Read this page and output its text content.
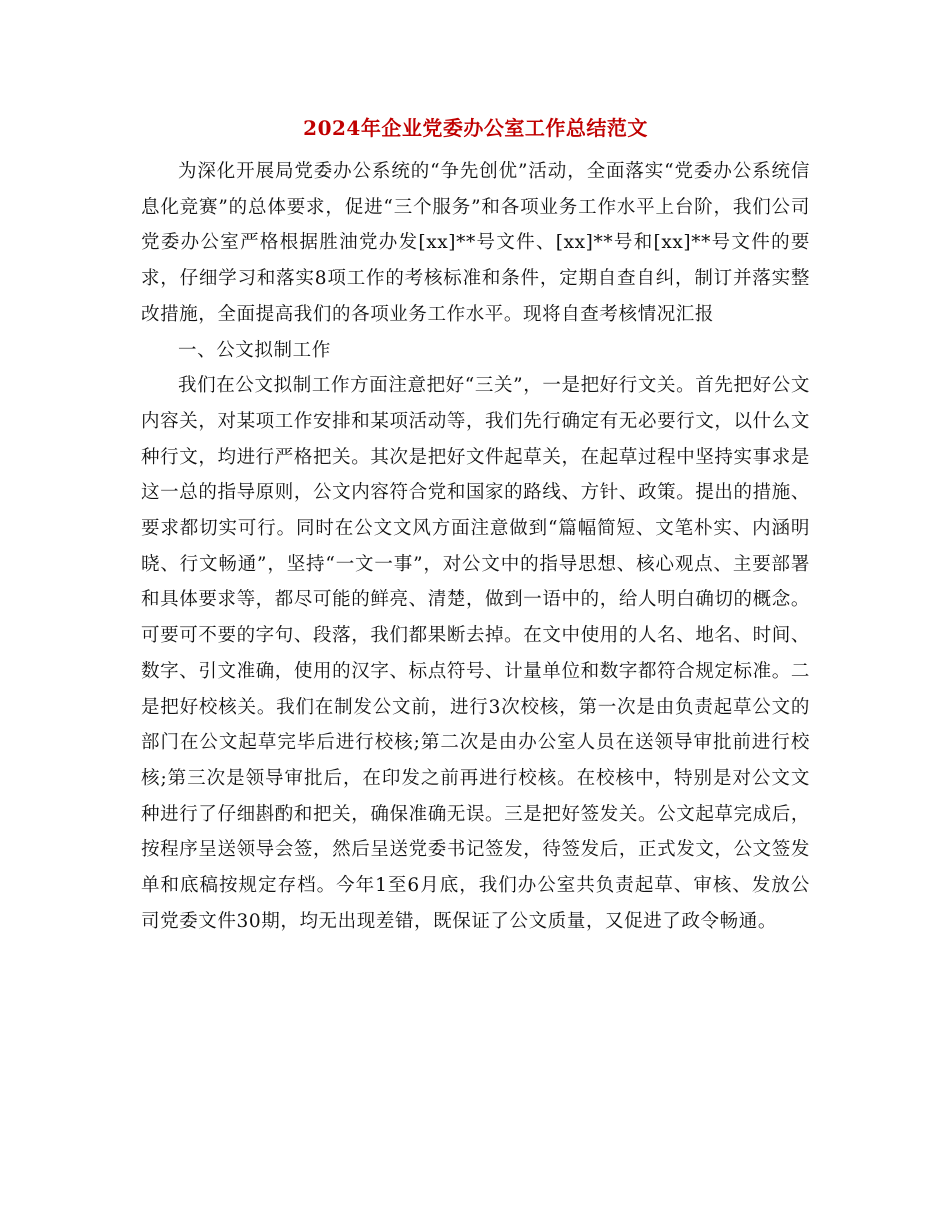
2024年企业党委办公室工作总结范文

为深化开展局党委办公系统的“争先创优”活动，全面落实“党委办公系统信息化竞赛”的总体要求，促进“三个服务”和各项业务工作水平上台阶，我们公司党委办公室严格根据胜油党办发[xx]**号文件、[xx]**号和[xx]**号文件的要求，仔细学习和落实8项工作的考核标准和条件，定期自查自纠，制订并落实整改措施，全面提高我们的各项业务工作水平。现将自查考核情况汇报

一、公文拟制工作

我们在公文拟制工作方面注意把好“三关”，一是把好行文关。首先把好公文内容关，对某项工作安排和某项活动等，我们先行确定有无必要行文，以什么文种行文，均进行严格把关。其次是把好文件起草关，在起草过程中坚持实事求是这一总的指导原则，公文内容符合党和国家的路线、方针、政策。提出的措施、要求都切实可行。同时在公文文风方面注意做到“篇幅简短、文笔朴实、内涵明晓、行文畅通”，坚持“一文一事”，对公文中的指导思想、核心观点、主要部署和具体要求等，都尽可能的鲜亮、清楚，做到一语中的，给人明白确切的概念。可要可不要的字句、段落，我们都果断去掉。在文中使用的人名、地名、时间、数字、引文准确，使用的汉字、标点符号、计量单位和数字都符合规定标准。二是把好校核关。我们在制发公文前，进行3次校核，第一次是由负责起草公文的部门在公文起草完毕后进行校核;第二次是由办公室人员在送领导审批前进行校核;第三次是领导审批后，在印发之前再进行校核。在校核中，特别是对公文文种进行了仔细斟酌和把关，确保准确无误。三是把好签发关。公文起草完成后，按程序呈送领导会签，然后呈送党委书记签发，待签发后，正式发文，公文签发单和底稿按规定存档。今年1至6月底，我们办公室共负责起草、审核、发放公司党委文件30期，均无出现差错，既保证了公文质量，又促进了政令畅通。
